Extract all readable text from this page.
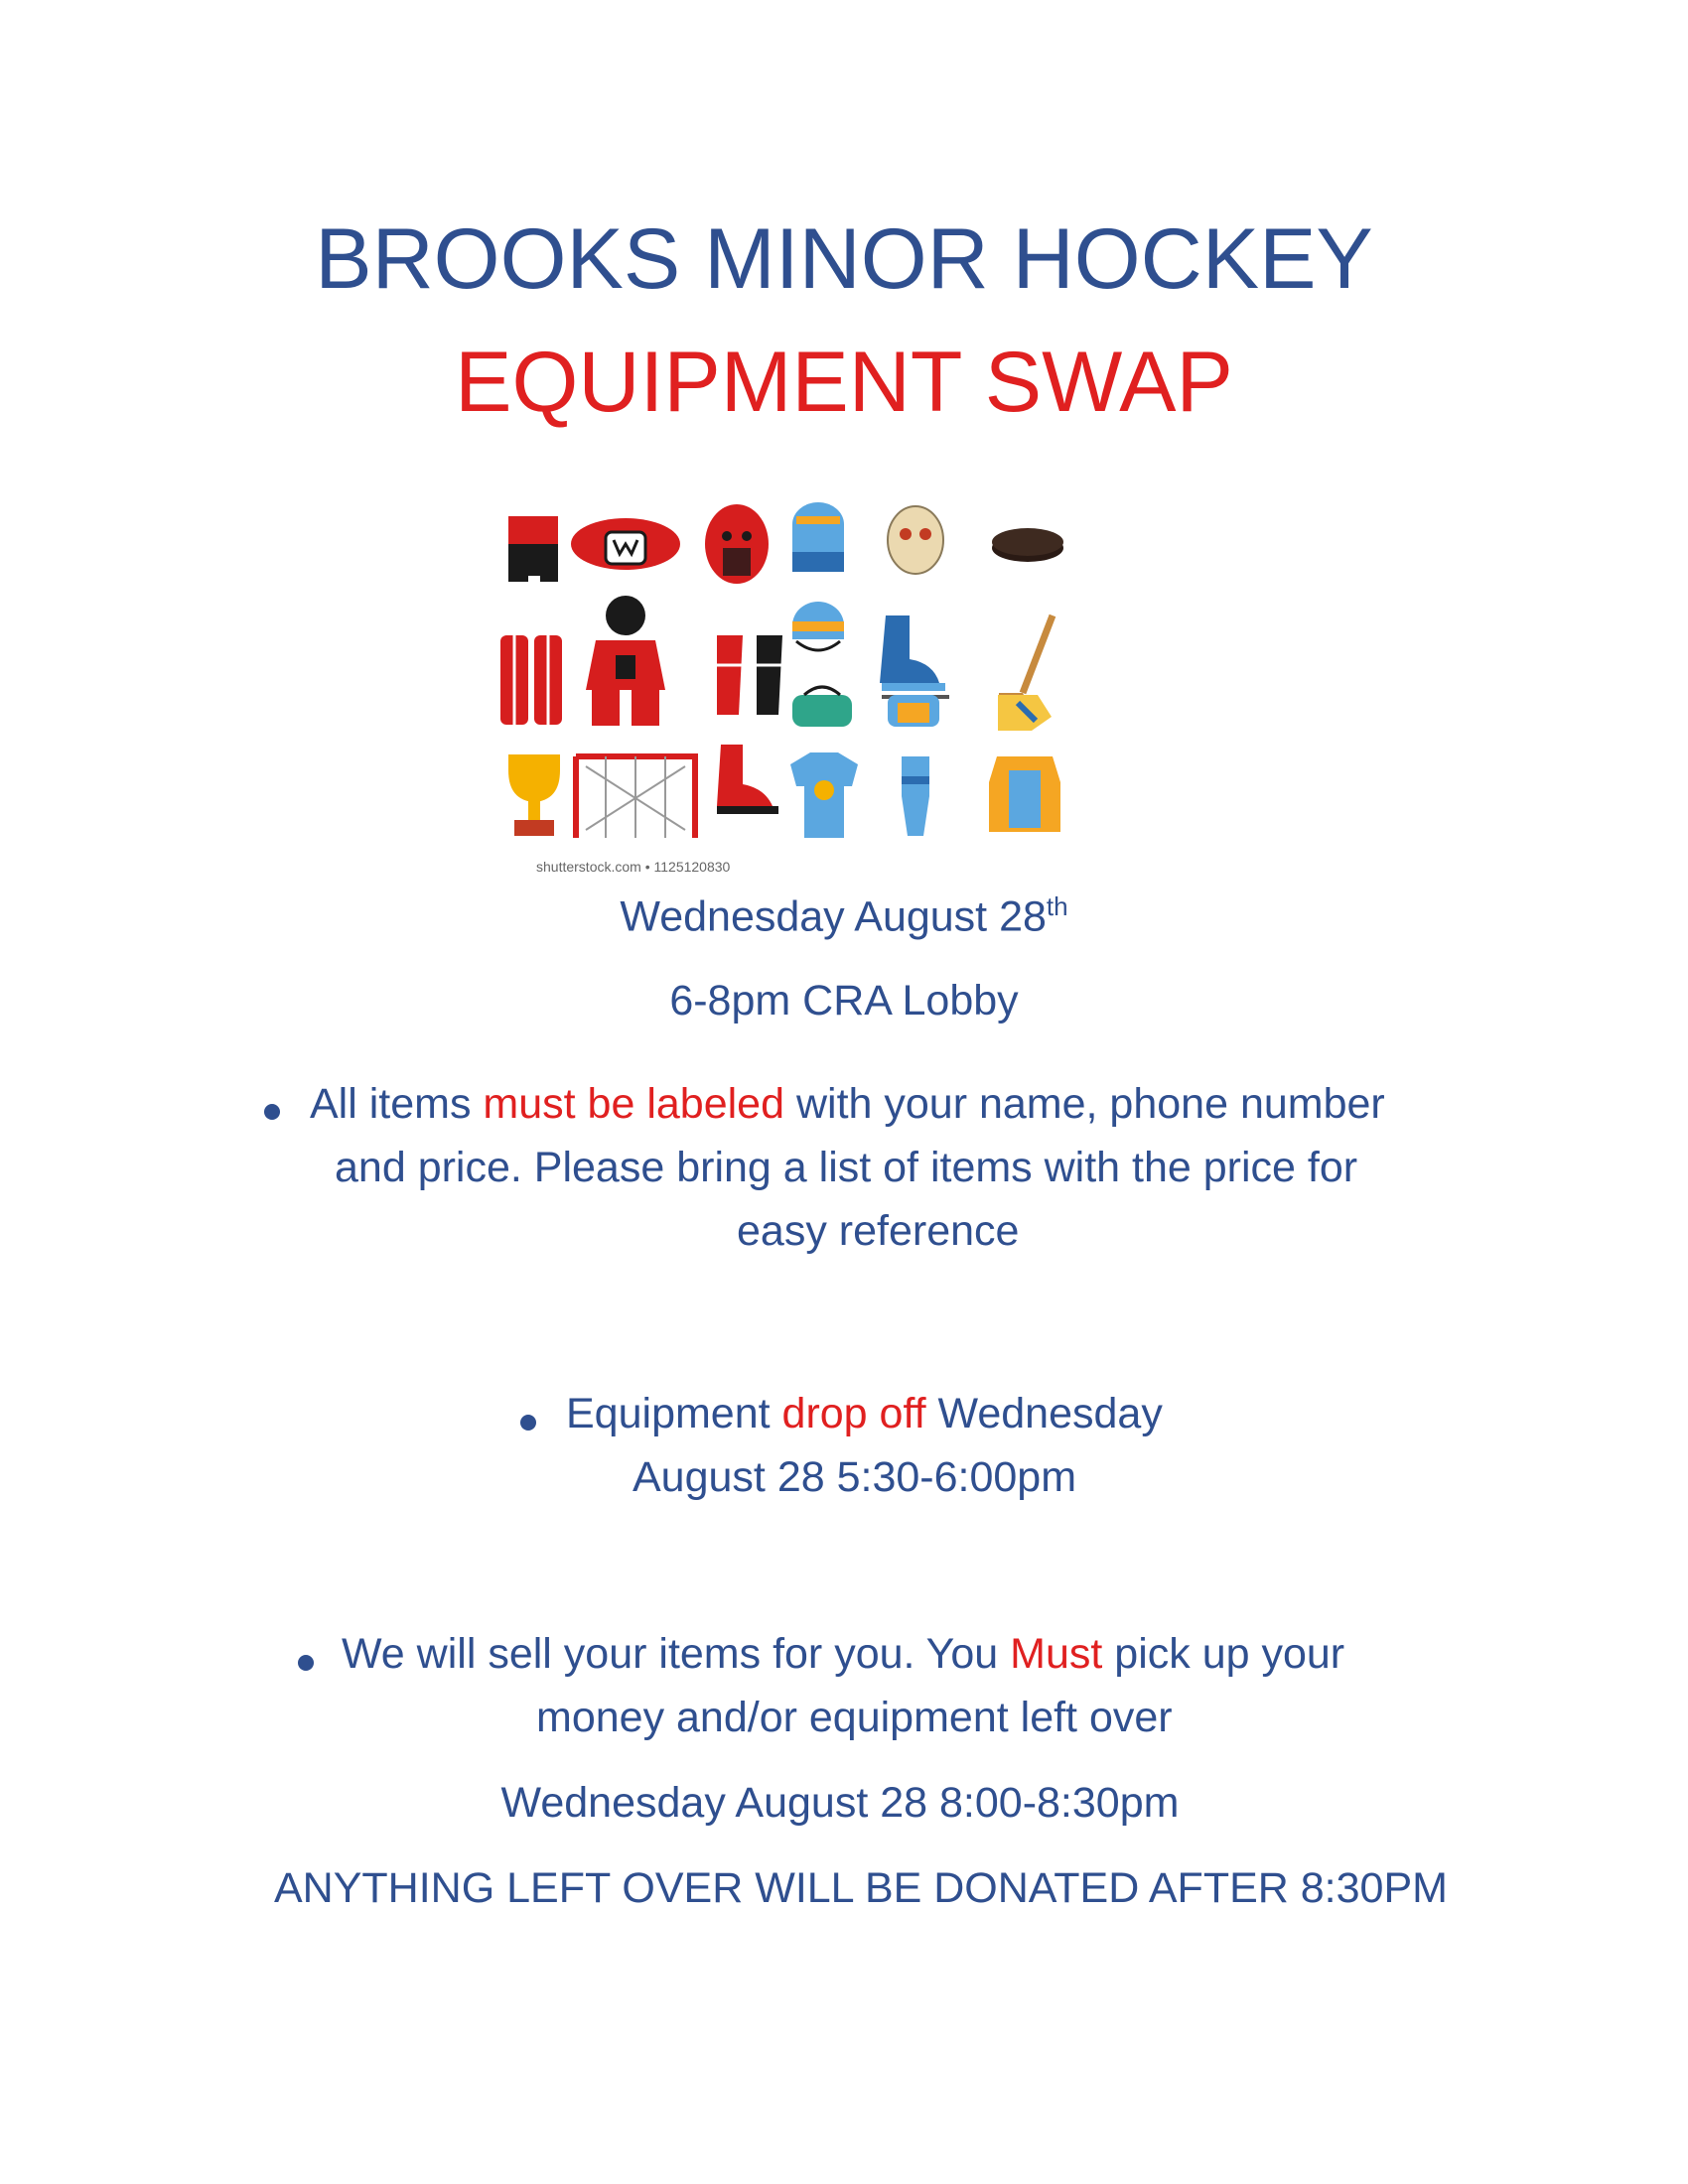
BROOKS MINOR HOCKEY
EQUIPMENT SWAP
shutterstock.com • 1125120830
Wednesday August 28th
6-8pm CRA Lobby
All items must be labeled with your name, phone number
and price. Please bring a list of items with the price for
easy reference
Equipment drop off Wednesday
August 28 5:30-6:00pm
We will sell your items for you. You Must pick up your
money and/or equipment left over
Wednesday August 28 8:00-8:30pm
ANYTHING LEFT OVER WILL BE DONATED AFTER 8:30PM
